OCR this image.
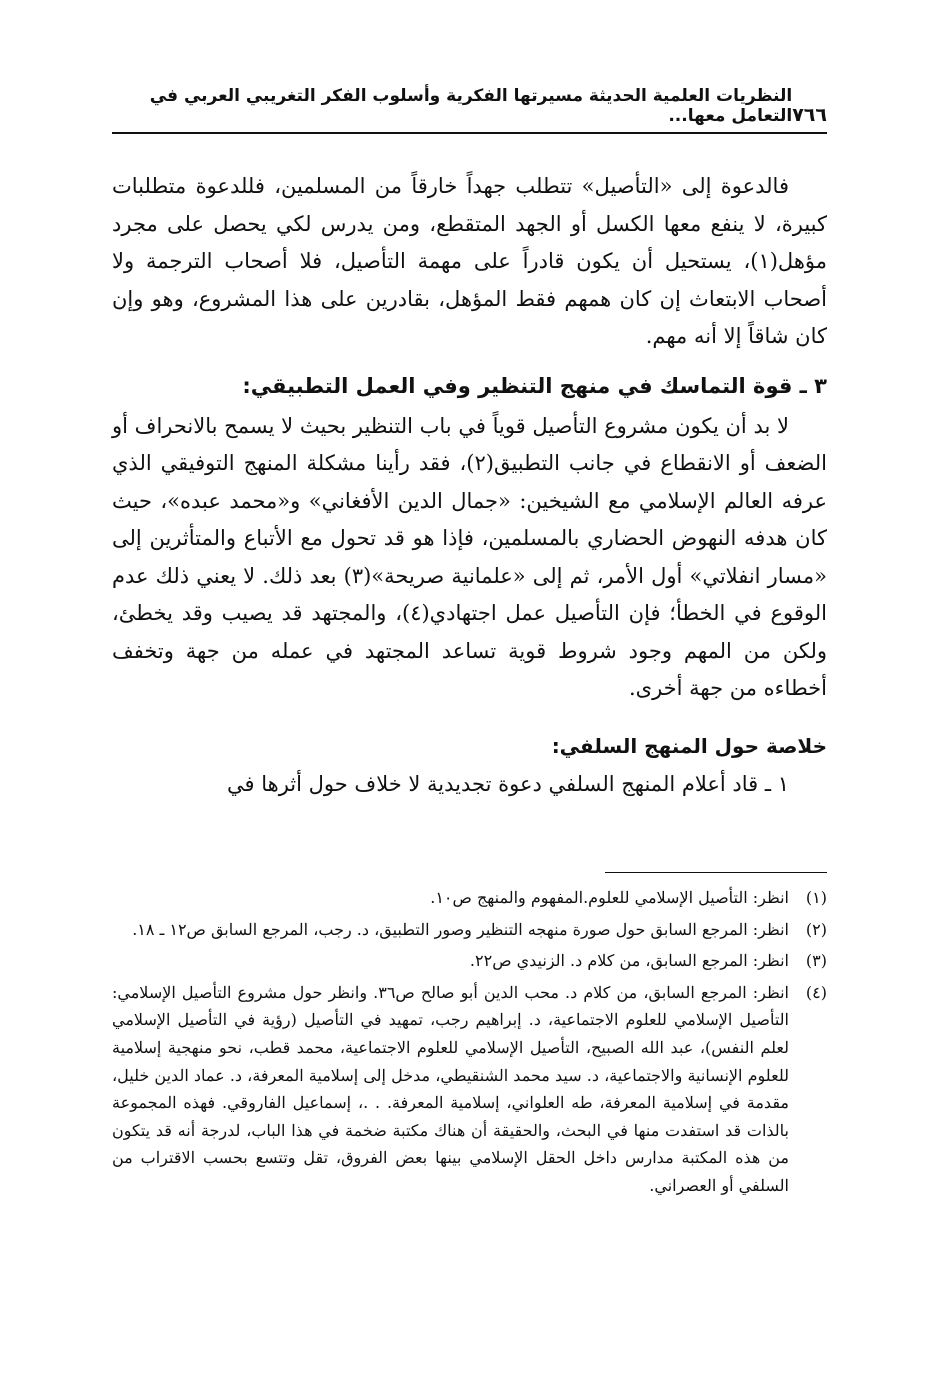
٧٦٦
النظريات العلمية الحديثة مسيرتها الفكرية وأسلوب الفكر التغريبي العربي في التعامل معها...

فالدعوة إلى «التأصيل» تتطلب جهداً خارقاً من المسلمين، فللدعوة متطلبات كبيرة، لا ينفع معها الكسل أو الجهد المتقطع، ومن يدرس لكي يحصل على مجرد مؤهل(١)، يستحيل أن يكون قادراً على مهمة التأصيل، فلا أصحاب الترجمة ولا أصحاب الابتعاث إن كان همهم فقط المؤهل، بقادرين على هذا المشروع، وهو وإن كان شاقاً إلا أنه مهم.

٣ ـ قوة التماسك في منهج التنظير وفي العمل التطبيقي:

لا بد أن يكون مشروع التأصيل قوياً في باب التنظير بحيث لا يسمح بالانحراف أو الضعف أو الانقطاع في جانب التطبيق(٢)، فقد رأينا مشكلة المنهج التوفيقي الذي عرفه العالم الإسلامي مع الشيخين: «جمال الدين الأفغاني» و«محمد عبده»، حيث كان هدفه النهوض الحضاري بالمسلمين، فإذا هو قد تحول مع الأتباع والمتأثرين إلى «مسار انفلاتي» أول الأمر، ثم إلى «علمانية صريحة»(٣) بعد ذلك. لا يعني ذلك عدم الوقوع في الخطأ؛ فإن التأصيل عمل اجتهادي(٤)، والمجتهد قد يصيب وقد يخطئ، ولكن من المهم وجود شروط قوية تساعد المجتهد في عمله من جهة وتخفف أخطاءه من جهة أخرى.

خلاصة حول المنهج السلفي:

١ ـ قاد أعلام المنهج السلفي دعوة تجديدية لا خلاف حول أثرها في

(١)
انظر: التأصيل الإسلامي للعلوم.المفهوم والمنهج ص١٠.
(٢)
انظر: المرجع السابق حول صورة منهجه التنظير وصور التطبيق، د. رجب، المرجع السابق ص١٢ ـ ١٨.
(٣)
انظر: المرجع السابق، من كلام د. الزنيدي ص٢٢.
(٤)
انظر: المرجع السابق، من كلام د. محب الدين أبو صالح ص٣٦. وانظر حول مشروع التأصيل الإسلامي: التأصيل الإسلامي للعلوم الاجتماعية، د. إبراهيم رجب، تمهيد في التأصيل (رؤية في التأصيل الإسلامي لعلم النفس)، عبد الله الصبيح، التأصيل الإسلامي للعلوم الاجتماعية، محمد قطب، نحو منهجية إسلامية للعلوم الإنسانية والاجتماعية، د. سيد محمد الشنقيطي، مدخل إلى إسلامية المعرفة، د. عماد الدين خليل، مقدمة في إسلامية المعرفة، طه العلواني، إسلامية المعرفة. . .، إسماعيل الفاروقي. فهذه المجموعة بالذات قد استفدت منها في البحث، والحقيقة أن هناك مكتبة ضخمة في هذا الباب، لدرجة أنه قد يتكون من هذه المكتبة مدارس داخل الحقل الإسلامي بينها بعض الفروق، تقل وتتسع بحسب الاقتراب من السلفي أو العصراني.
